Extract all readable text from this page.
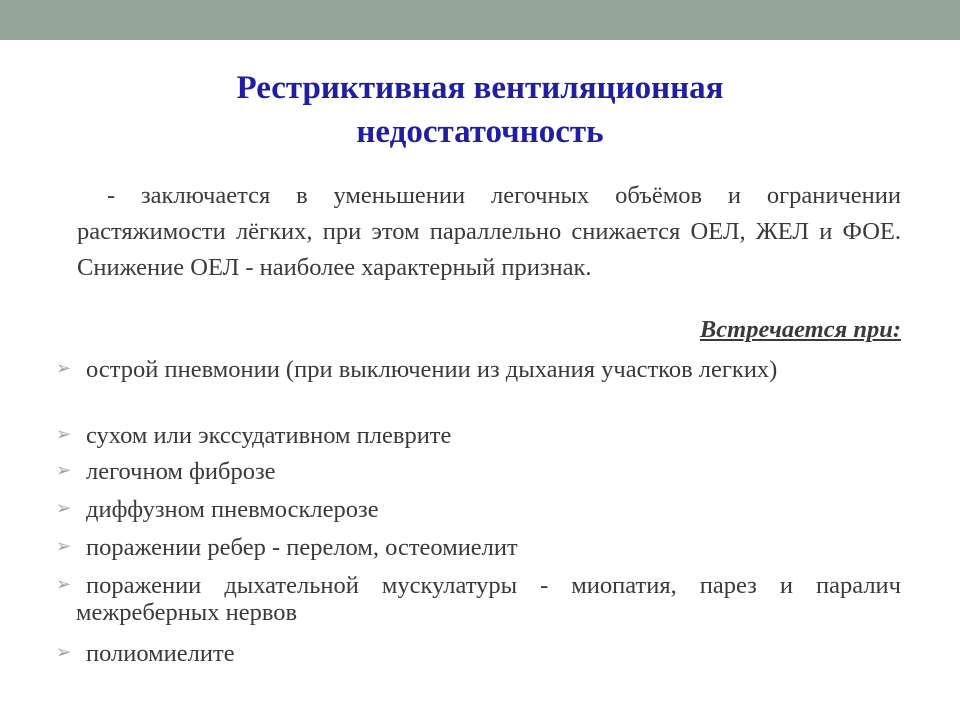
Рестриктивная вентиляционная
недостаточность
- заключается в уменьшении легочных объёмов и ограничении растяжимости лёгких, при этом параллельно снижается ОЕЛ, ЖЕЛ и ФОЕ. Снижение ОЕЛ - наиболее характерный признак.
Встречается при:
➢ острой пневмонии (при выключении из дыхания участков легких)
➢ сухом или экссудативном плеврите
➢ легочном фиброзе
➢ диффузном пневмосклерозе
➢ поражении ребер - перелом, остеомиелит
➢ поражении дыхательной мускулатуры - миопатия, парез и паралич межреберных нервов
➢ полиомиелите
